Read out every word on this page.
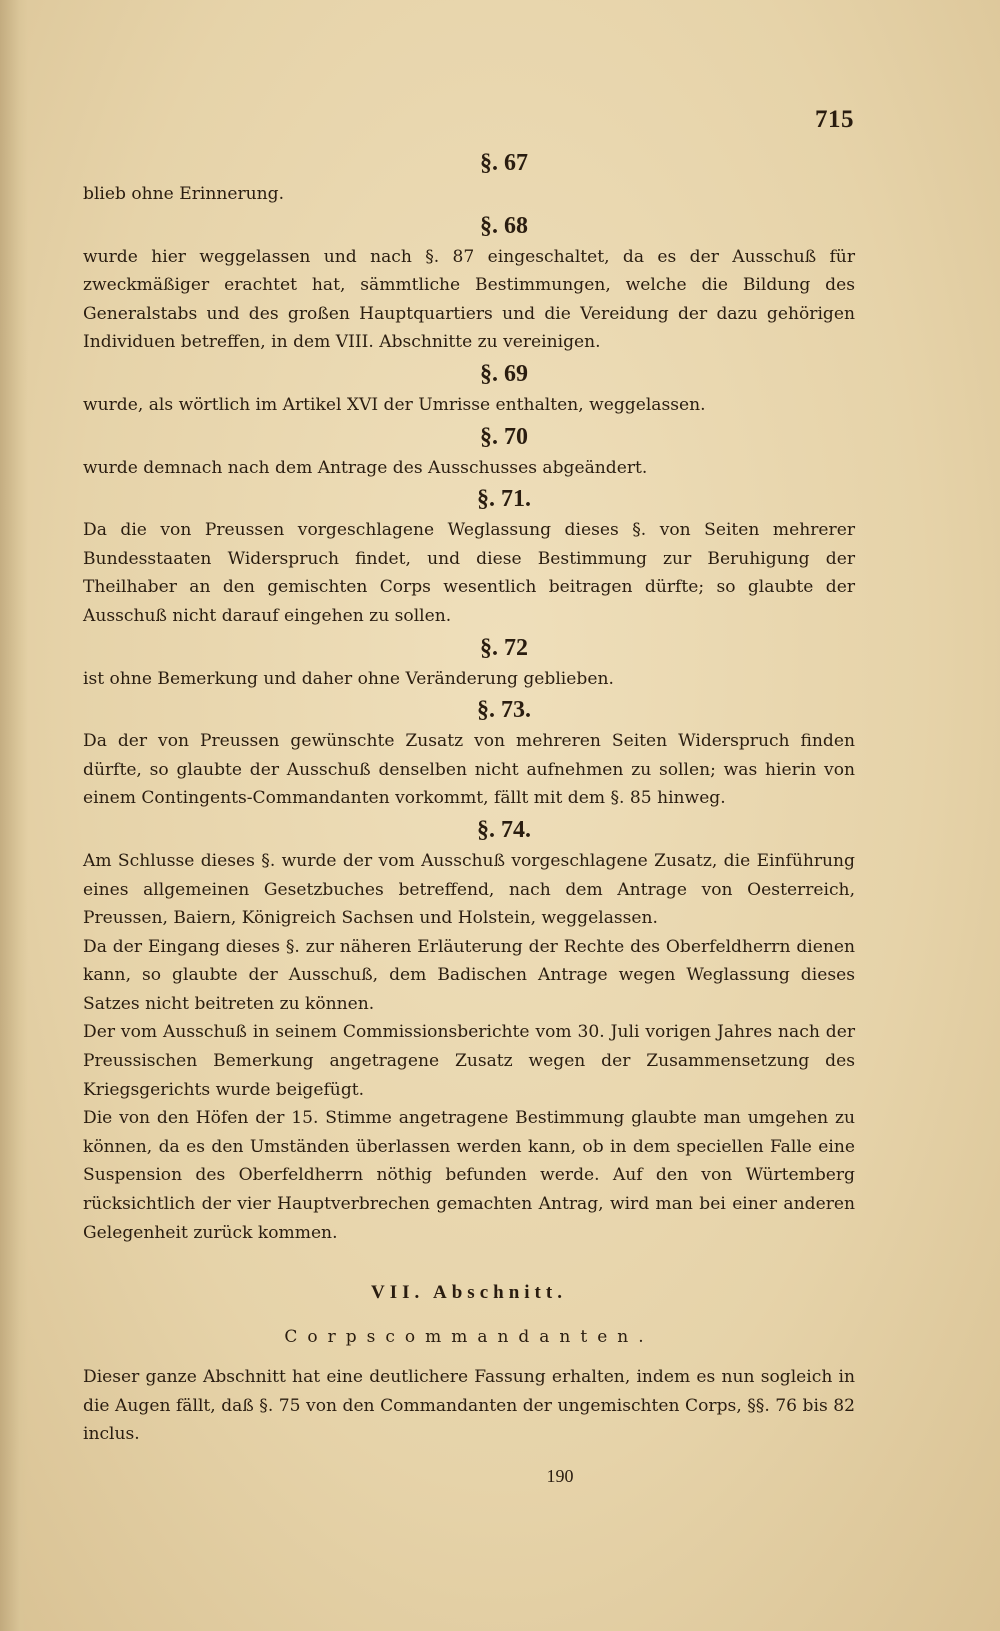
715
§. 67

blieb ohne Erinnerung.

§. 68

wurde hier weggelassen und nach §. 87 eingeschaltet, da es der Ausschuß für zweckmäßiger erachtet hat, sämmtliche Bestimmungen, welche die Bildung des Generalstabs und des großen Hauptquartiers und die Vereidung der dazu gehörigen Individuen betreffen, in dem VIII. Abschnitte zu vereinigen.

§. 69

wurde, als wörtlich im Artikel XVI der Umrisse enthalten, weggelassen.

§. 70

wurde demnach nach dem Antrage des Ausschusses abgeändert.

§. 71.

Da die von Preussen vorgeschlagene Weglassung dieses §. von Seiten mehrerer Bundesstaaten Widerspruch findet, und diese Bestimmung zur Beruhigung der Theilhaber an den gemischten Corps wesentlich beitragen dürfte; so glaubte der Ausschuß nicht darauf eingehen zu sollen.

§. 72

ist ohne Bemerkung und daher ohne Veränderung geblieben.

§. 73.

Da der von Preussen gewünschte Zusatz von mehreren Seiten Widerspruch finden dürfte, so glaubte der Ausschuß denselben nicht aufnehmen zu sollen; was hierin von einem Contingents-Commandanten vorkommt, fällt mit dem §. 85 hinweg.

§. 74.

Am Schlusse dieses §. wurde der vom Ausschuß vorgeschlagene Zusatz, die Einführung eines allgemeinen Gesetzbuches betreffend, nach dem Antrage von Oesterreich, Preussen, Baiern, Königreich Sachsen und Holstein, weggelassen.

Da der Eingang dieses §. zur näheren Erläuterung der Rechte des Oberfeldherrn dienen kann, so glaubte der Ausschuß, dem Badischen Antrage wegen Weglassung dieses Satzes nicht beitreten zu können.

Der vom Ausschuß in seinem Commissionsberichte vom 30. Juli vorigen Jahres nach der Preussischen Bemerkung angetragene Zusatz wegen der Zusammensetzung des Kriegsgerichts wurde beigefügt.

Die von den Höfen der 15. Stimme angetragene Bestimmung glaubte man umgehen zu können, da es den Umständen überlassen werden kann, ob in dem speciellen Falle eine Suspension des Oberfeldherrn nöthig befunden werde. Auf den von Würtemberg rücksichtlich der vier Hauptverbrechen gemachten Antrag, wird man bei einer anderen Gelegenheit zurück kommen.

VII. Abschnitt.
Corpscommandanten.

Dieser ganze Abschnitt hat eine deutlichere Fassung erhalten, indem es nun sogleich in die Augen fällt, daß §. 75 von den Commandanten der ungemischten Corps, §§. 76 bis 82 inclus.

190
